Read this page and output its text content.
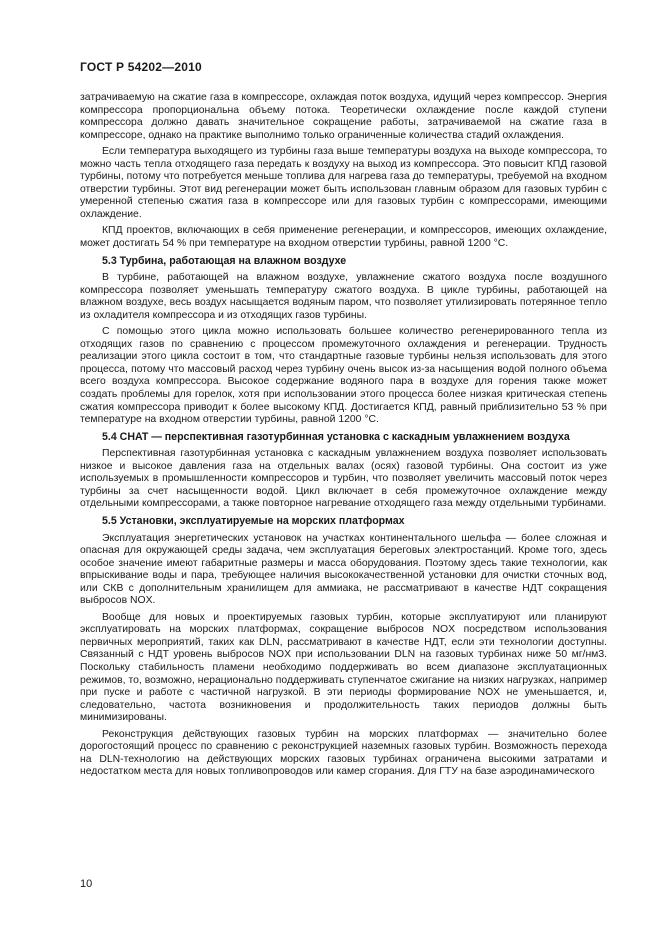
ГОСТ Р 54202—2010

затрачиваемую на сжатие газа в компрессоре, охлаждая поток воздуха, идущий через компрессор. Энергия компрессора пропорциональна объему потока. Теоретически охлаждение после каждой ступени компрессора должно давать значительное сокращение работы, затрачиваемой на сжатие газа в компрессоре, однако на практике выполнимо только ограниченные количества стадий охлаждения.

Если температура выходящего из турбины газа выше температуры воздуха на выходе компрессора, то можно часть тепла отходящего газа передать к воздуху на выход из компрессора. Это повысит КПД газовой турбины, потому что потребуется меньше топлива для нагрева газа до температуры, требуемой на входном отверстии турбины. Этот вид регенерации может быть использован главным образом для газовых турбин с умеренной степенью сжатия газа в компрессоре или для газовых турбин с компрессорами, имеющими охлаждение.

КПД проектов, включающих в себя применение регенерации, и компрессоров, имеющих охлаждение, может достигать 54 % при температуре на входном отверстии турбины, равной 1200 °С.

5.3 Турбина, работающая на влажном воздухе

В турбине, работающей на влажном воздухе, увлажнение сжатого воздуха после воздушного компрессора позволяет уменьшать температуру сжатого воздуха. В цикле турбины, работающей на влажном воздухе, весь воздух насыщается водяным паром, что позволяет утилизировать потерянное тепло из охладителя компрессора и из отходящих газов турбины.

С помощью этого цикла можно использовать большее количество регенерированного тепла из отходящих газов по сравнению с процессом промежуточного охлаждения и регенерации. Трудность реализации этого цикла состоит в том, что стандартные газовые турбины нельзя использовать для этого процесса, потому что массовый расход через турбину очень высок из-за насыщения водой полного объема всего воздуха компрессора. Высокое содержание водяного пара в воздухе для горения также может создать проблемы для горелок, хотя при использовании этого процесса более низкая критическая степень сжатия компрессора приводит к более высокому КПД. Достигается КПД, равный приблизительно 53 % при температуре на входном отверстии турбины, равной 1200 °С.

5.4 CHAT — перспективная газотурбинная установка с каскадным увлажнением воздуха

Перспективная газотурбинная установка с каскадным увлажнением воздуха позволяет использовать низкое и высокое давления газа на отдельных валах (осях) газовой турбины. Она состоит из уже используемых в промышленности компрессоров и турбин, что позволяет увеличить массовый поток через турбины за счет насыщенности водой. Цикл включает в себя промежуточное охлаждение между отдельными компрессорами, а также повторное нагревание отходящего газа между отдельными турбинами.

5.5 Установки, эксплуатируемые на морских платформах

Эксплуатация энергетических установок на участках континентального шельфа — более сложная и опасная для окружающей среды задача, чем эксплуатация береговых электростанций. Кроме того, здесь особое значение имеют габаритные размеры и масса оборудования. Поэтому здесь такие технологии, как впрыскивание воды и пара, требующее наличия высококачественной установки для очистки сточных вод, или СКВ с дополнительным хранилищем для аммиака, не рассматривают в качестве НДТ сокращения выбросов NOX.

Вообще для новых и проектируемых газовых турбин, которые эксплуатируют или планируют эксплуатировать на морских платформах, сокращение выбросов NOX посредством использования первичных мероприятий, таких как DLN, рассматривают в качестве НДТ, если эти технологии доступны. Связанный с НДТ уровень выбросов NOX при использовании DLN на газовых турбинах ниже 50 мг/нм3. Поскольку стабильность пламени необходимо поддерживать во всем диапазоне эксплуатационных режимов, то, возможно, нерациональнo поддерживать ступенчатое сжигание на низких нагрузках, например при пуске и работе с частичной нагрузкой. В эти периоды формирование NOX не уменьшается, и, следовательно, частота возникновения и продолжительность таких периодов должны быть минимизированы.

Реконструкция действующих газовых турбин на морских платформах — значительно более дорогостоящий процесс по сравнению с реконструкцией наземных газовых турбин. Возможность перехода на DLN-технологию на действующих морских газовых турбинах ограничена высокими затратами и недостатком места для новых топливопроводов или камер сгорания. Для ГТУ на базе аэродинамического

10
